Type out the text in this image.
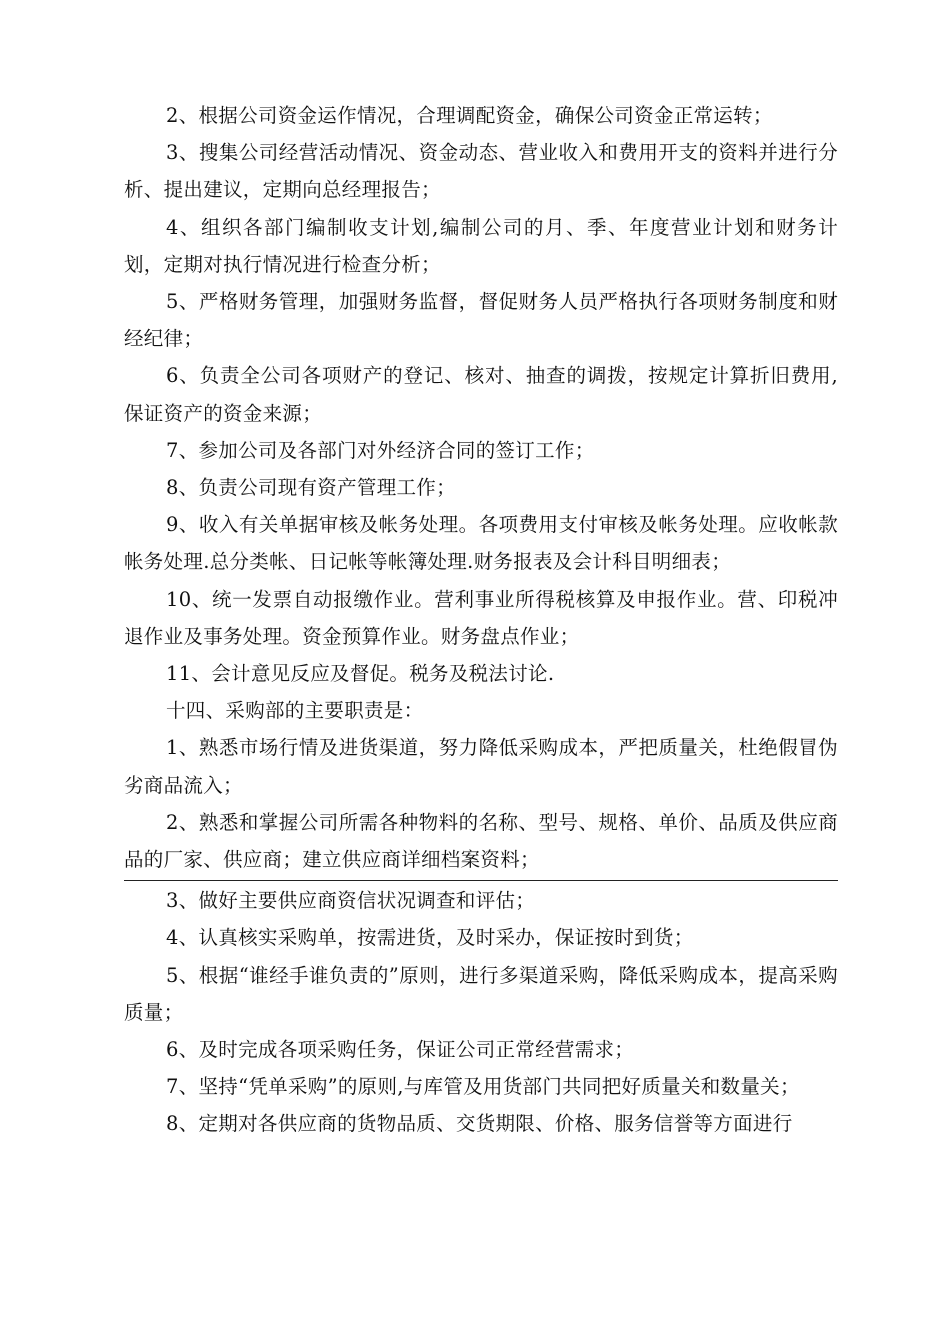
2、根据公司资金运作情况，合理调配资金，确保公司资金正常运转；

3、搜集公司经营活动情况、资金动态、营业收入和费用开支的资料并进行分析、提出建议，定期向总经理报告；

4、组织各部门编制收支计划,编制公司的月、季、年度营业计划和财务计划，定期对执行情况进行检查分析；

5、严格财务管理，加强财务监督，督促财务人员严格执行各项财务制度和财经纪律；

6、负责全公司各项财产的登记、核对、抽查的调拨，按规定计算折旧费用,保证资产的资金来源；

7、参加公司及各部门对外经济合同的签订工作；

8、负责公司现有资产管理工作；

9、收入有关单据审核及帐务处理。各项费用支付审核及帐务处理。应收帐款帐务处理.总分类帐、日记帐等帐簿处理.财务报表及会计科目明细表；

10、统一发票自动报缴作业。营利事业所得税核算及申报作业。营、印税冲退作业及事务处理。资金预算作业。财务盘点作业；

11、会计意见反应及督促。税务及税法讨论.

十四、采购部的主要职责是：

1、熟悉市场行情及进货渠道，努力降低采购成本，严把质量关，杜绝假冒伪劣商品流入；

2、熟悉和掌握公司所需各种物料的名称、型号、规格、单价、品质及供应商品的厂家、供应商；建立供应商详细档案资料；

3、做好主要供应商资信状况调查和评估；

4、认真核实采购单，按需进货，及时采办，保证按时到货；

5、根据“谁经手谁负责的”原则，进行多渠道采购，降低采购成本，提高采购质量；

6、及时完成各项采购任务，保证公司正常经营需求；

7、坚持“凭单采购”的原则,与库管及用货部门共同把好质量关和数量关；

8、定期对各供应商的货物品质、交货期限、价格、服务信誉等方面进行
